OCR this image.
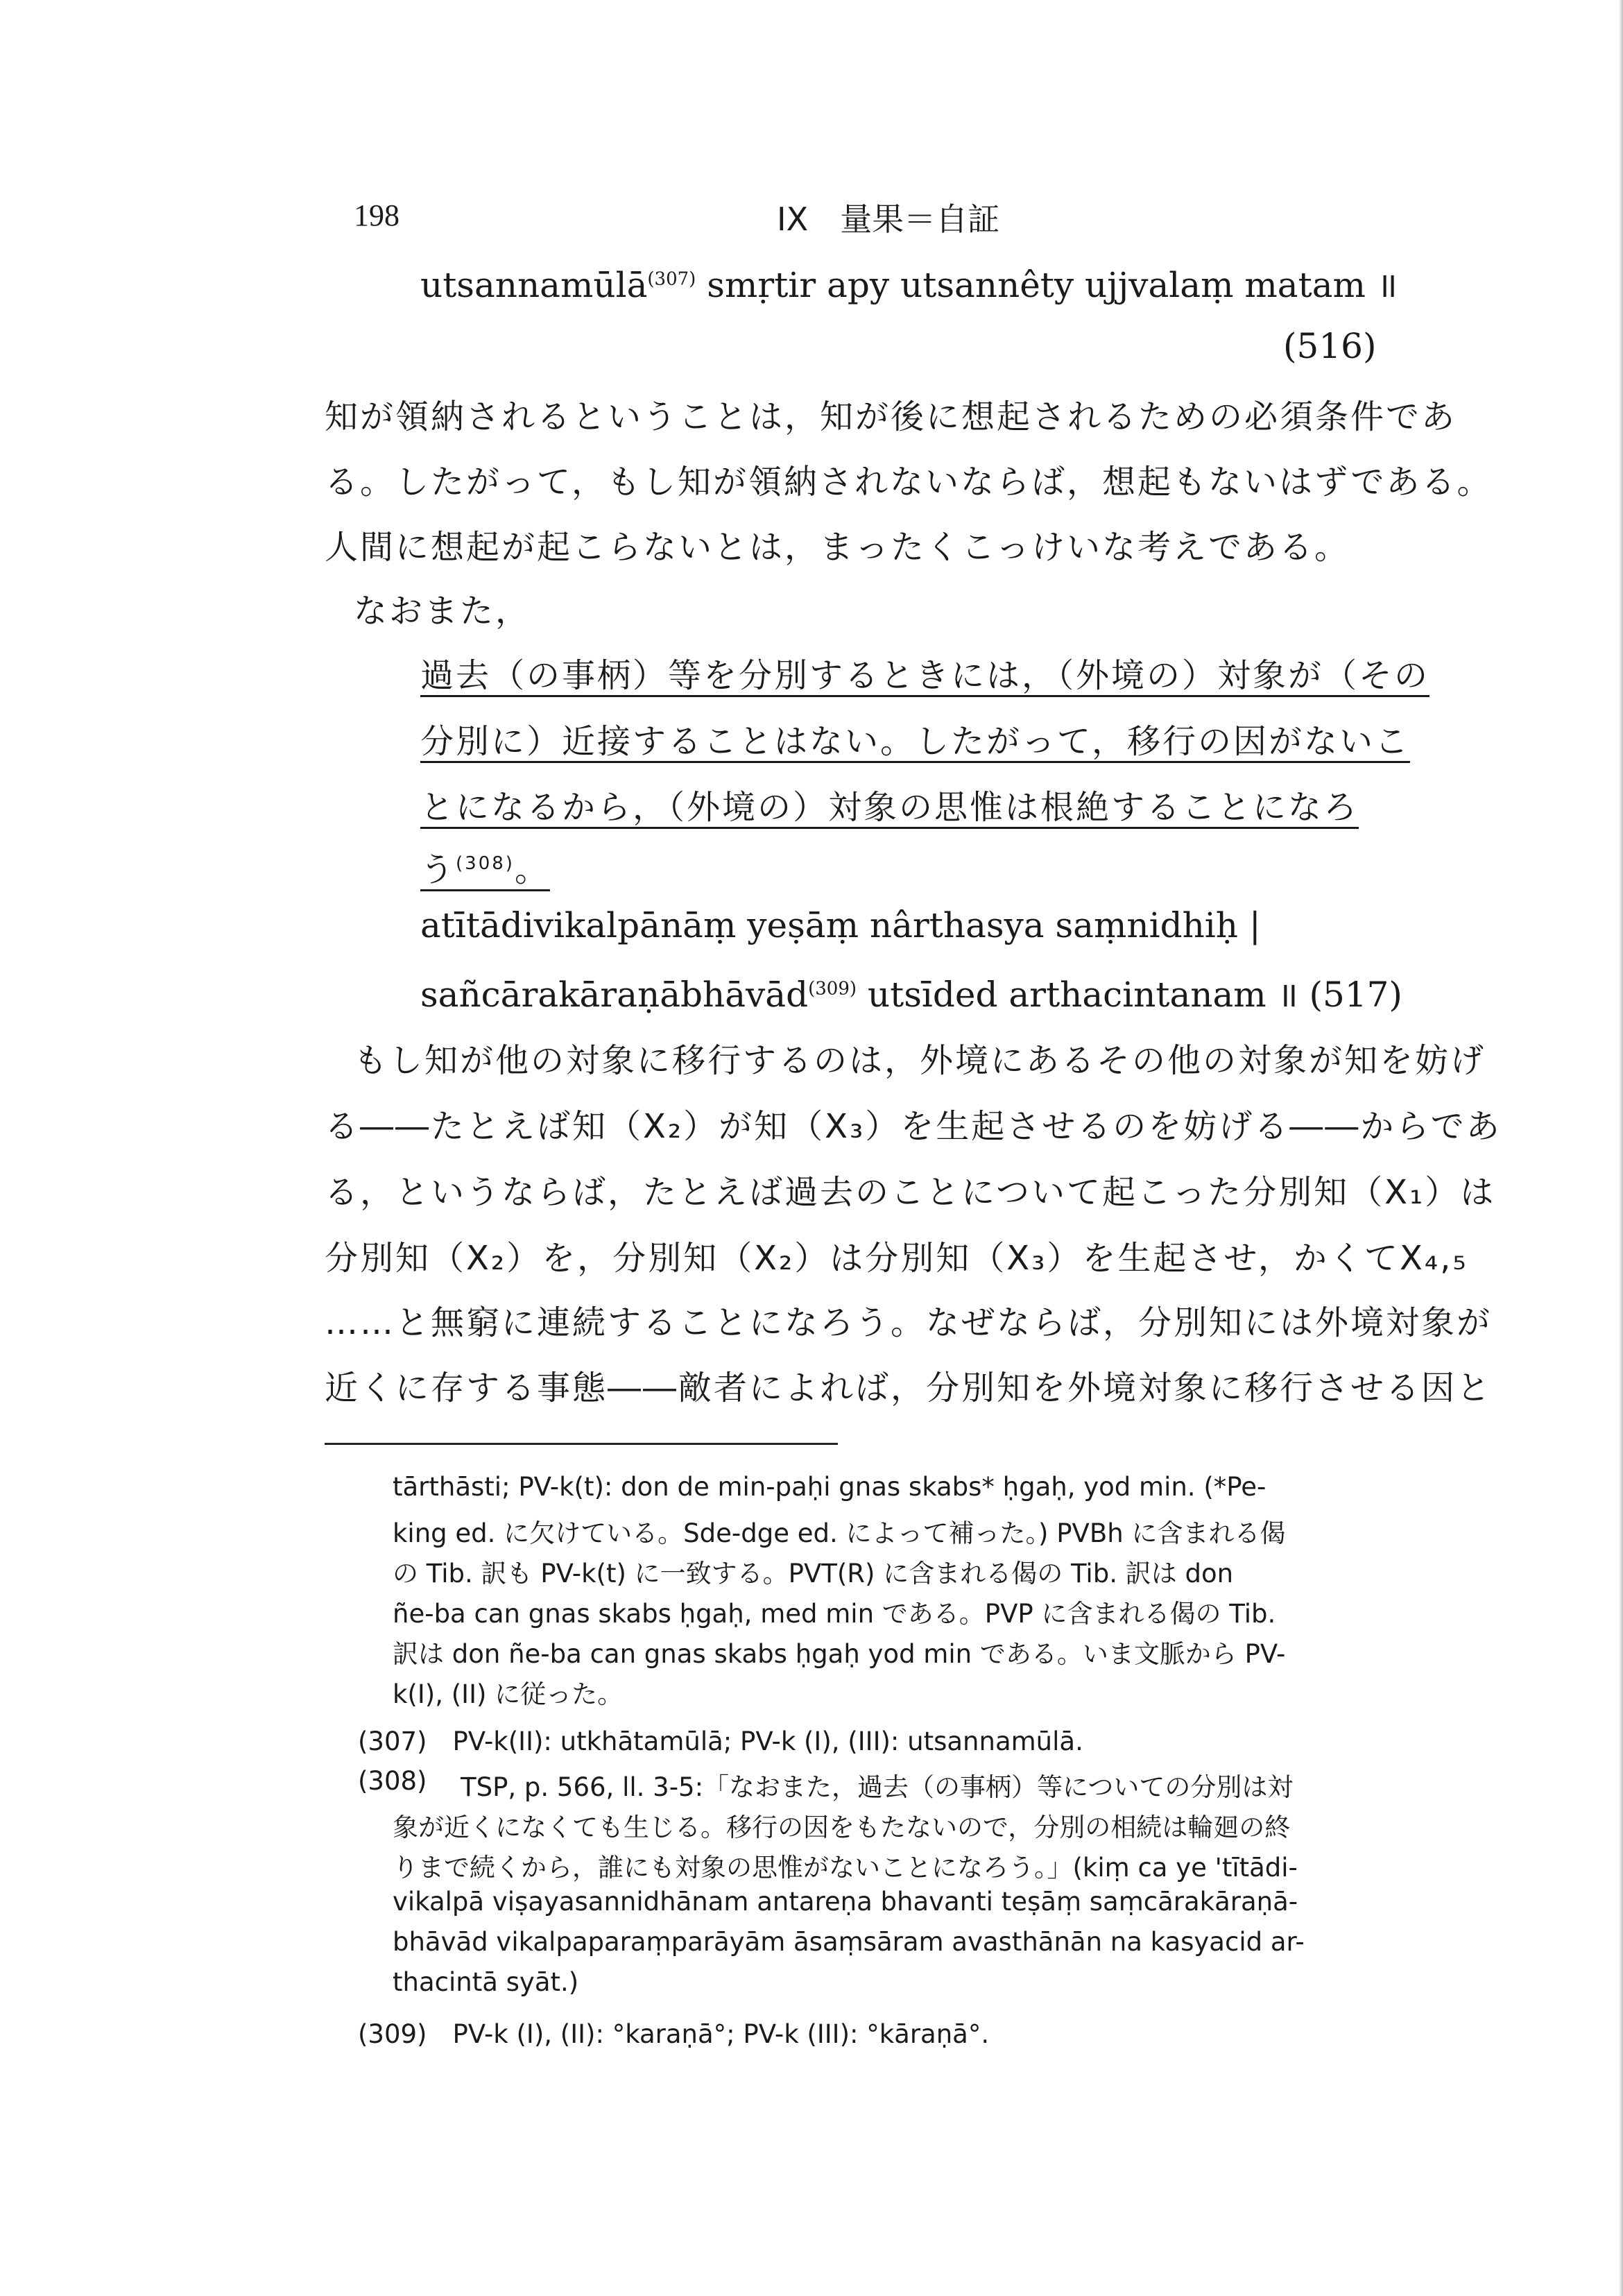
198	IX　量果＝自証
utsannamūlā$^{(307)}$ smṛtir apy utsannêty ujjvalaṃ matam ॥
(516)
知が領納されるということは，知が後に想起されるための必須条件であ
る。したがって，もし知が領納されないならば，想起もないはずである。
人間に想起が起こらないとは，まったくこっけいな考えである。
なおまた，
過去（の事柄）等を分別するときには，（外境の）対象が（その
分別に）近接することはない。したがって，移行の因がないこ
とになるから，（外境の）対象の思惟は根絶することになろ
う$^{(308)}$。
atītādivikalpānāṃ yeṣāṃ nârthasya saṃnidhiḥ |
sañcārakāraṇābhāvād$^{(309)}$ utsīded arthacintanam ॥ (517)
もし知が他の対象に移行するのは，外境にあるその他の対象が知を妨げ
る――たとえば知（X₂）が知（X₃）を生起させるのを妨げる――からであ
る，というならば，たとえば過去のことについて起こった分別知（X₁）は
分別知（X₂）を，分別知（X₂）は分別知（X₃）を生起させ，かくてX₄,₅
……と無窮に連続することになろう。なぜならば，分別知には外境対象が
近くに存する事態――敵者によれば，分別知を外境対象に移行させる因と
tārthāsti; PV-k(t): don de min-paḥi gnas skabs* ḥgaḥ, yod min. (*Pe-
king ed. に欠けている。Sde-dge ed. によって補った。) PVBh に含まれる偈
の Tib. 訳も PV-k(t) に一致する。PVT(R) に含まれる偈の Tib. 訳は don
ñe-ba can gnas skabs ḥgaḥ, med min である。PVP に含まれる偈の Tib.
訳は don ñe-ba can gnas skabs ḥgaḥ yod min である。いま文脈から PV-
k(I), (II) に従った。
(307)　PV-k(II): utkhātamūlā; PV-k (I), (III): utsannamūlā.
(308) TSP, p. 566, ll. 3-5:「なおまた，過去（の事柄）等についての分別は対
象が近くになくても生じる。移行の因をもたないので，分別の相続は輪廻の終
りまで続くから，誰にも対象の思惟がないことになろう。」(kiṃ ca ye 'tītādi-
vikalpā viṣayasannidhānam antareṇa bhavanti teṣāṃ saṃcārakāraṇā-
bhāvād vikalpaparaṃparāyām āsaṃsāram avasthānān na kasyacid ar-
thacintā syāt.)
(309)　PV-k (I), (II): °karaṇā°; PV-k (III): °kāraṇā°.
